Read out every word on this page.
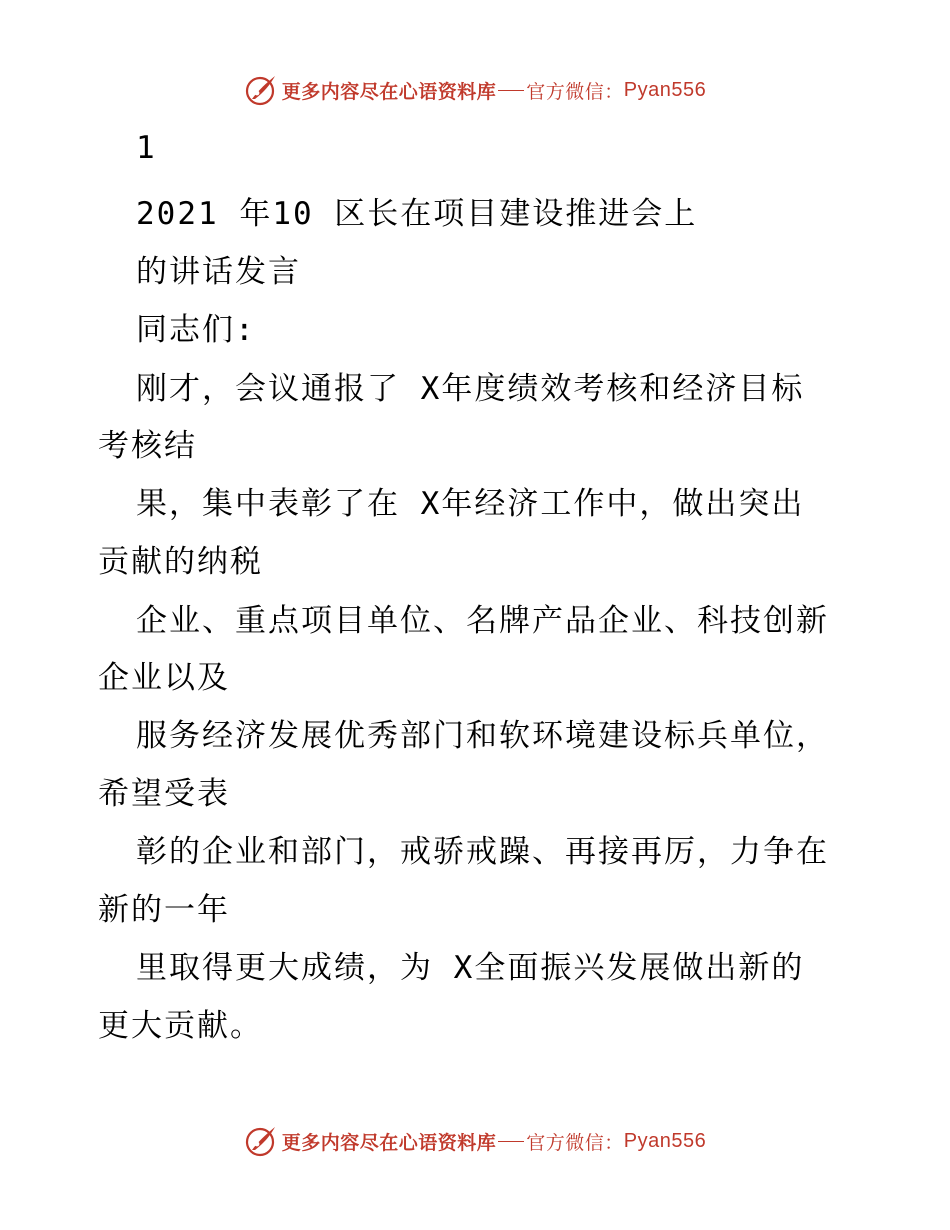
更多内容尽在心语资料库 官方微信： Pyan556
1
2021 年10 区长在项目建设推进会上
的讲话发言
同志们:
刚才，会议通报了 X年度绩效考核和经济目标
考核结
果，集中表彰了在 X年经济工作中，做出突出
贡献的纳税
企业、重点项目单位、名牌产品企业、科技创新
企业以及
服务经济发展优秀部门和软环境建设标兵单位，
希望受表
彰的企业和部门，戒骄戒躁、再接再厉，力争在
新的一年
里取得更大成绩，为 X全面振兴发展做出新的
更大贡献。
更多内容尽在心语资料库 官方微信： Pyan556
